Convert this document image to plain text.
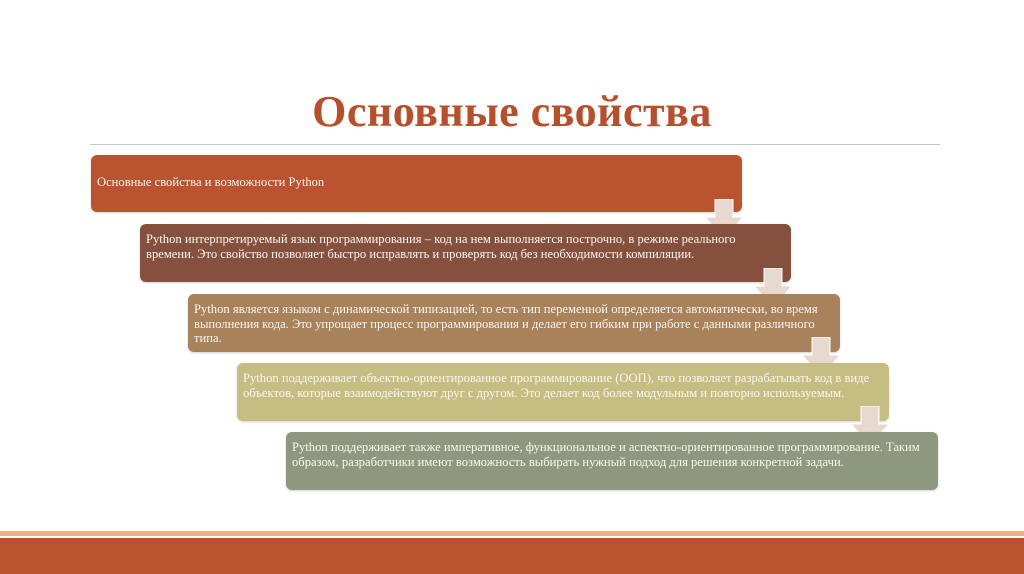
Основные свойства
Основные свойства и возможности Python
Python интерпретируемый язык программирования – код на нем выполняется построчно, в режиме реального времени. Это свойство позволяет быстро исправлять и проверять код без необходимости компиляции.
Python является языком с динамической типизацией, то есть тип переменной определяется автоматически, во время выполнения кода. Это упрощает процесс программирования и делает его гибким при работе с данными различного типа.
Python поддерживает объектно-ориентированное программирование (ООП), что позволяет разрабатывать код в виде объектов, которые взаимодействуют друг с другом. Это делает код более модульным и повторно используемым.
Python поддерживает также императивное, функциональное и аспектно-ориентированное программирование. Таким образом, разработчики имеют возможность выбирать нужный подход для решения конкретной задачи.
